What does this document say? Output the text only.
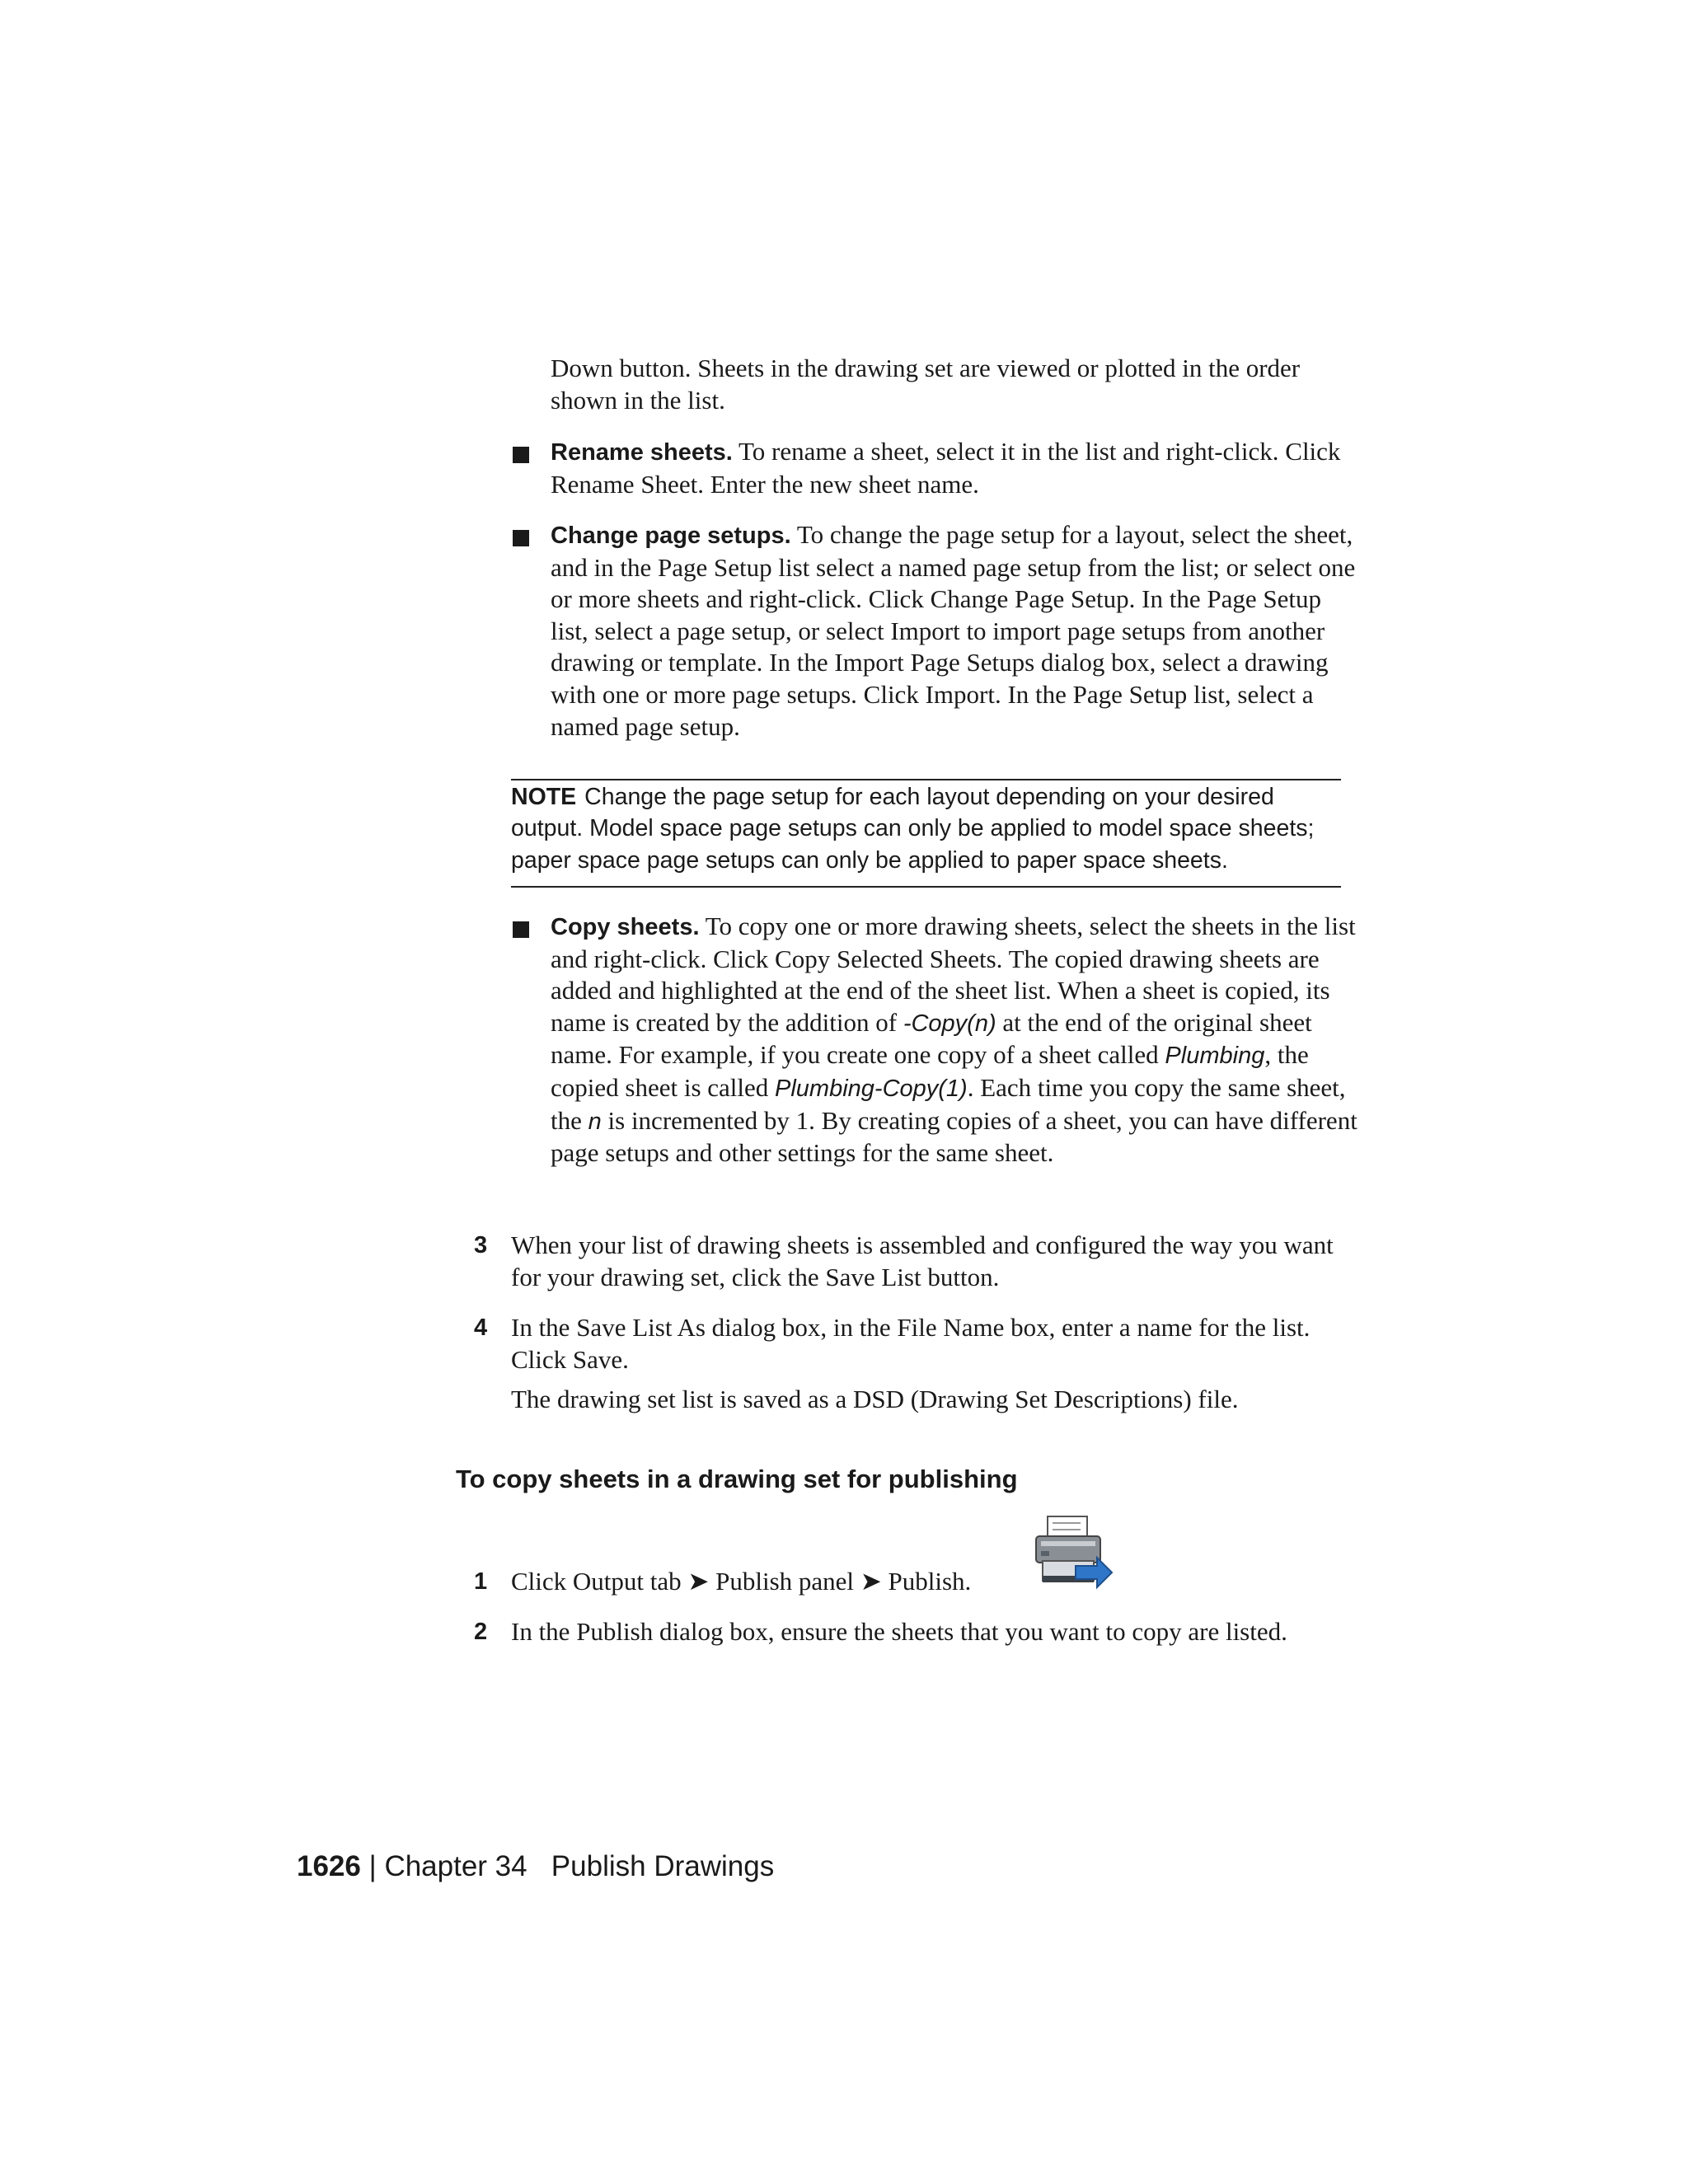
Down button. Sheets in the drawing set are viewed or plotted in the order shown in the list.

Rename sheets. To rename a sheet, select it in the list and right-click. Click Rename Sheet. Enter the new sheet name.

Change page setups. To change the page setup for a layout, select the sheet, and in the Page Setup list select a named page setup from the list; or select one or more sheets and right-click. Click Change Page Setup. In the Page Setup list, select a page setup, or select Import to import page setups from another drawing or template. In the Import Page Setups dialog box, select a drawing with one or more page setups. Click Import. In the Page Setup list, select a named page setup.

NOTE Change the page setup for each layout depending on your desired output. Model space page setups can only be applied to model space sheets; paper space page setups can only be applied to paper space sheets.

Copy sheets. To copy one or more drawing sheets, select the sheets in the list and right-click. Click Copy Selected Sheets. The copied drawing sheets are added and highlighted at the end of the sheet list. When a sheet is copied, its name is created by the addition of -Copy(n) at the end of the original sheet name. For example, if you create one copy of a sheet called Plumbing, the copied sheet is called Plumbing-Copy(1). Each time you copy the same sheet, the n is incremented by 1. By creating copies of a sheet, you can have different page setups and other settings for the same sheet.

3 When your list of drawing sheets is assembled and configured the way you want for your drawing set, click the Save List button.

4 In the Save List As dialog box, in the File Name box, enter a name for the list. Click Save.

The drawing set list is saved as a DSD (Drawing Set Descriptions) file.

To copy sheets in a drawing set for publishing

1 Click Output tab ➤ Publish panel ➤ Publish.

2 In the Publish dialog box, ensure the sheets that you want to copy are listed.

1626 | Chapter 34 Publish Drawings
